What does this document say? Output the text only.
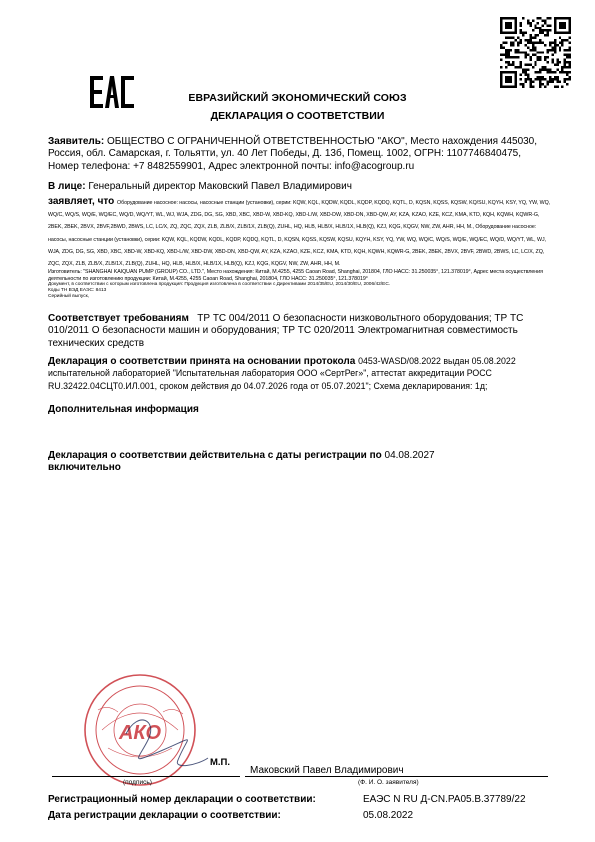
ЕВРАЗИЙСКИЙ ЭКОНОМИЧЕСКИЙ СОЮЗ
ДЕКЛАРАЦИЯ О СООТВЕТСТВИИ
Заявитель: ОБЩЕСТВО С ОГРАНИЧЕННОЙ ОТВЕТСТВЕННОСТЬЮ "АКО", Место нахождения 445030, Россия, обл. Самарская, г. Тольятти, ул. 40 Лет Победы, Д. 13б, Помещ. 1002, ОГРН: 1107746840475, Номер телефона: +7 8482559901, Адрес электронной почты: info@acogroup.ru
В лице: Генеральный директор Маковский Павел Владимирович
заявляет, что Оборудование насосное: насосы, насосные станции (установки), серии: KQW, KQL, KQDW, KQDL, KQDP, KQDQ, KQTL, D, KQSN, KQSS, KQSW, KQ/SU, KQYH, KSY, YQ, YW, WQ, WQ/C, WQ/S, WQ/E, WQ/EC, WQ/D, WQ/YT, WL, WJ, WJA, ZDG, DG, SG, XBD, XBC, XBD-W, XBD-KQ, XBD-L/W, XBD-DW, XBD-DN, XBD-QW, AY, KZA, KZAO, KZE, KCZ, KMA, KTD, KQH, KQWH, KQWR-G, 2BEK, 2BEK, 2BVX, 2BVF,2BWD, 2BWS, LC, LC/X, ZQ, ZQC, ZQX, ZLB, ZLB/X, ZLB/1X, ZLB(Q), ZUHL, HQ, HLB, HLB/X, HLB/1X, HLB(Q), KZJ, KQG, KQGV, NW, ZW, AHR, HH, M., Оборудование насосное: насосы, насосные станции (установки), серии: KQW, KQL, KQDW, KQDL, KQDP, KQDQ, KQTL, D, KQSN, KQSS, KQSW, KQSU, KQYH, KSY, YQ, YW, WQ, WQ/C, WQ/S, WQ/E, WQ/EC, WQ/D, WQ/YT, WL, WJ, WJA, ZDG, DG, SG, XBD, XBC, XBD-W, XBD-KQ, XBD-L/W, XBD-DW, XBD-DN, XBD-QW, AY, KZA, KZAO, KZE, KCZ, KMA, KTD, KQH, KQWH, KQWR-G, 2BEK, 2BEK, 2BVX, 2BVF, 2BWD, 2BWS, LC, LC/X, ZQ, ZQC, ZQX, ZLB, ZLB/X, ZLB/1X, ZLB(Q), ZUHL, HQ, HLB, HLB/X, HLB/1X, HLB(Q), KZJ, KQG, KQGV, NW, ZW, AHR, HH, M.
Изготовитель: "SHANGHAI KAIQUAN PUMP (GROUP) CO., LTD.", Место нахождения: Китай, M.4255, 4255 Caoan Road, Shanghai, 201804, ГЛО НАСС: 31.250035°, 121.378019°, Адрес места осуществления деятельности по изготовлению продукции: Китай, M.4255, 4255 Caoan Road, Shanghai, 201804, ГЛО НАСС: 31.250035°, 121.378019°
Документ, в соответствии с которым изготовлена продукция: Продукция изготовлена в соответствии с Директивами 2014/35/EU, 2014/30/EU, 2006/42/EC.
Коды ТН ВЭД ЕАЭС: 8413
Серийный выпуск,
Соответствует требованиям ТР ТС 004/2011 О безопасности низковольтного оборудования; ТР ТС 010/2011 О безопасности машин и оборудования; ТР ТС 020/2011 Электромагнитная совместимость технических средств
Декларация о соответствии принята на основании протокола 0453-WASD/08.2022 выдан 05.08.2022 испытательной лабораторией "Испытательная лаборатория ООО «СертРег»", аттестат аккредитации РОСС RU.32422.04СЦТ0.ИЛ.001, сроком действия до 04.07.2026 года от 05.07.2021"; Схема декларирования: 1д;
Дополнительная информация
Декларация о соответствии действительна с даты регистрации по 04.08.2027
включительно
АКО
М.П.
Маковский Павел Владимирович
(подпись)	(Ф. И. О. заявителя)
Регистрационный номер декларации о соответствии:	ЕАЭС N RU Д-CN.PA05.B.37789/22
Дата регистрации декларации о соответствии:	05.08.2022
